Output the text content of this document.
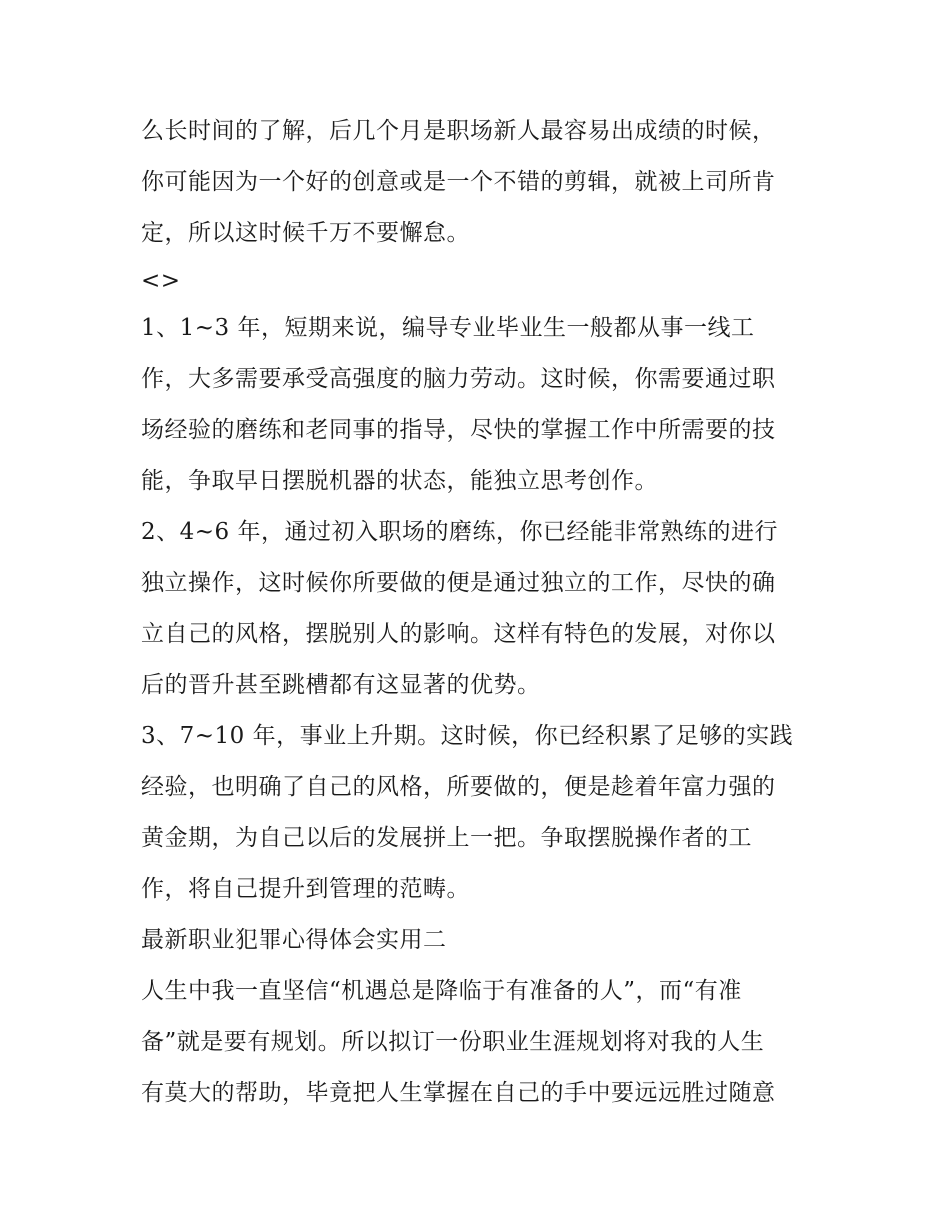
么长时间的了解，后几个月是职场新人最容易出成绩的时候，
你可能因为一个好的创意或是一个不错的剪辑，就被上司所肯
定，所以这时候千万不要懈怠。
<>
1、1~3 年，短期来说，编导专业毕业生一般都从事一线工
作，大多需要承受高强度的脑力劳动。这时候，你需要通过职
场经验的磨练和老同事的指导，尽快的掌握工作中所需要的技
能，争取早日摆脱机器的状态，能独立思考创作。
2、4~6 年，通过初入职场的磨练，你已经能非常熟练的进行
独立操作，这时候你所要做的便是通过独立的工作，尽快的确
立自己的风格，摆脱别人的影响。这样有特色的发展，对你以
后的晋升甚至跳槽都有这显著的优势。
3、7~10 年，事业上升期。这时候，你已经积累了足够的实践
经验，也明确了自己的风格，所要做的，便是趁着年富力强的
黄金期，为自己以后的发展拼上一把。争取摆脱操作者的工
作，将自己提升到管理的范畴。
最新职业犯罪心得体会实用二
人生中我一直坚信“机遇总是降临于有准备的人”，而“有准
备”就是要有规划。所以拟订一份职业生涯规划将对我的人生
有莫大的帮助，毕竟把人生掌握在自己的手中要远远胜过随意
